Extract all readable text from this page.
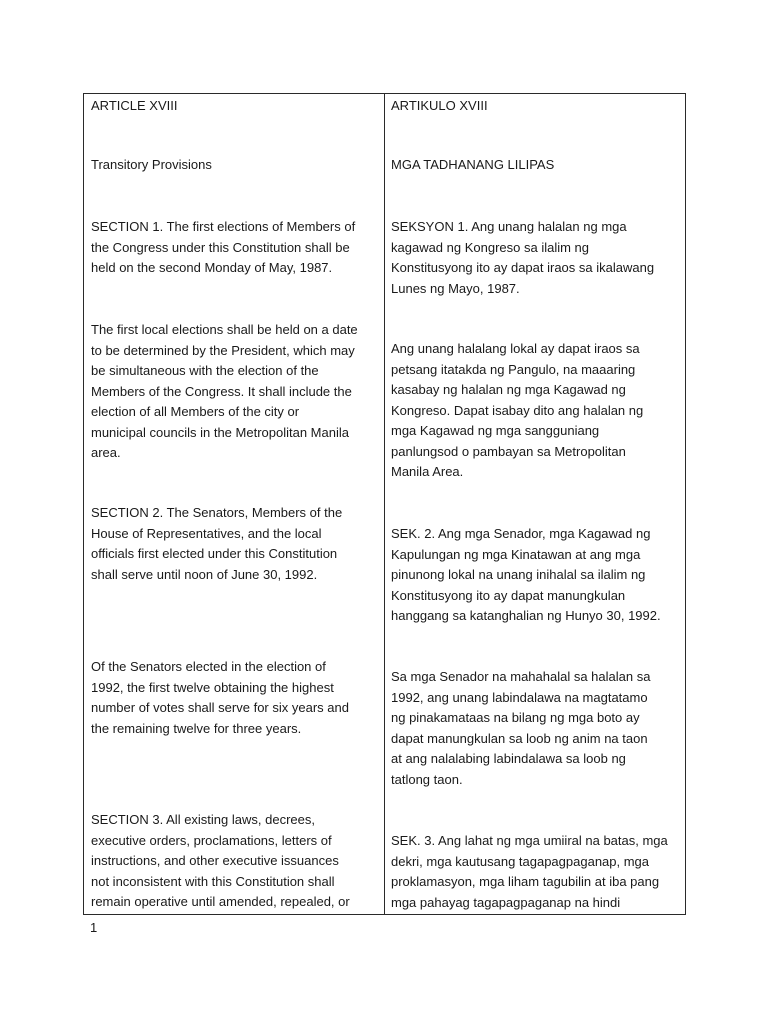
ARTICLE XVIII
Transitory Provisions
SECTION 1. The first elections of Members of
the Congress under this Constitution shall be
held on the second Monday of May, 1987.
The first local elections shall be held on a date
to be determined by the President, which may
be simultaneous with the election of the
Members of the Congress. It shall include the
election of all Members of the city or
municipal councils in the Metropolitan Manila
area.
SECTION 2. The Senators, Members of the
House of Representatives, and the local
officials first elected under this Constitution
shall serve until noon of June 30, 1992.
Of the Senators elected in the election of
1992, the first twelve obtaining the highest
number of votes shall serve for six years and
the remaining twelve for three years.
SECTION 3. All existing laws, decrees,
executive orders, proclamations, letters of
instructions, and other executive issuances
not inconsistent with this Constitution shall
remain operative until amended, repealed, or
ARTIKULO XVIII
MGA TADHANANG LILIPAS
SEKSYON 1. Ang unang halalan ng mga
kagawad ng Kongreso sa ilalim ng
Konstitusyong ito ay dapat iraos sa ikalawang
Lunes ng Mayo, 1987.
Ang unang halalang lokal ay dapat iraos sa
petsang itatakda ng Pangulo, na maaaring
kasabay ng halalan ng mga Kagawad ng
Kongreso. Dapat isabay dito ang halalan ng
mga Kagawad ng mga sangguniang
panlungsod o pambayan sa Metropolitan
Manila Area.
SEK. 2. Ang mga Senador, mga Kagawad ng
Kapulungan ng mga Kinatawan at ang mga
pinunong lokal na unang inihalal sa ilalim ng
Konstitusyong ito ay dapat manungkulan
hanggang sa katanghalian ng Hunyo 30, 1992.
Sa mga Senador na mahahalal sa halalan sa
1992, ang unang labindalawa na magtatamo
ng pinakamataas na bilang ng mga boto ay
dapat manungkulan sa loob ng anim na taon
at ang nalalabing labindalawa sa loob ng
tatlong taon.
SEK. 3. Ang lahat ng mga umiiral na batas, mga
dekri, mga kautusang tagapagpaganap, mga
proklamasyon, mga liham tagubilin at iba pang
mga pahayag tagapagpaganap na hindi
1
